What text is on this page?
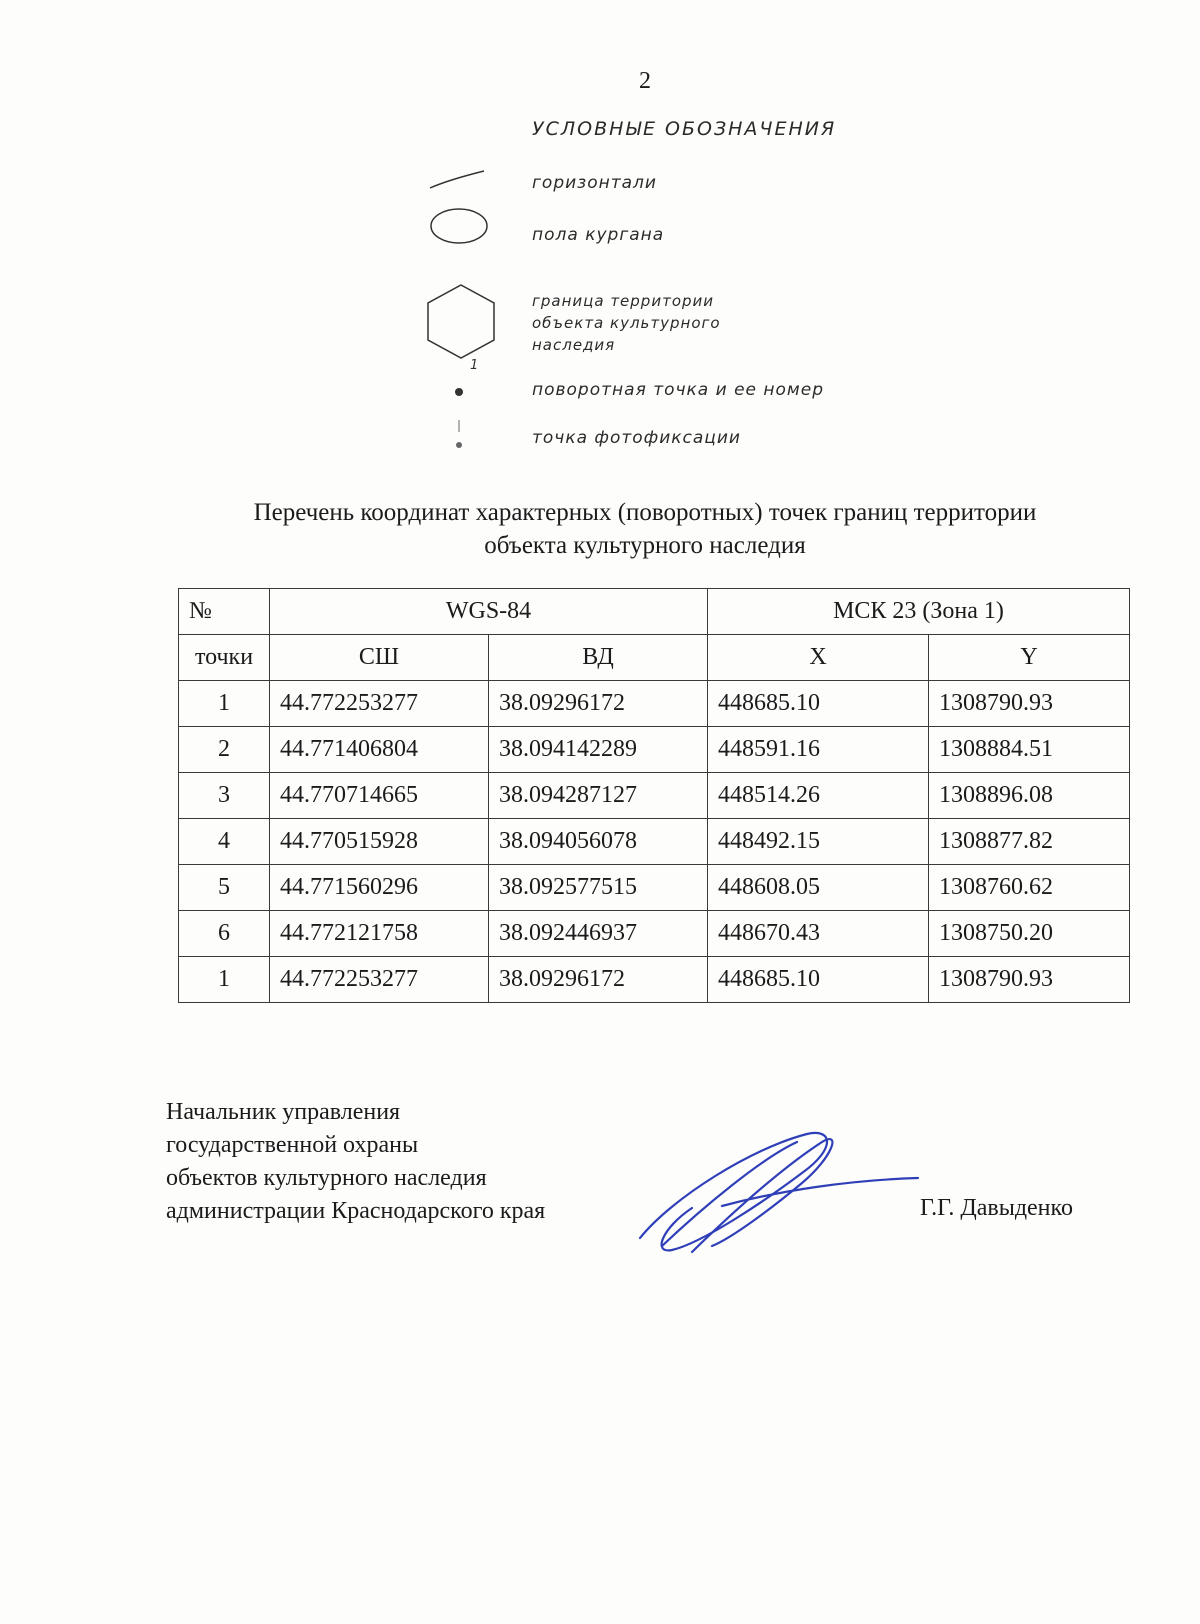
2
УСЛОВНЫЕ ОБОЗНАЧЕНИЯ
горизонтали
пола кургана
граница территории
объекта культурного
наследия
1
поворотная точка и ее номер
точка фотофиксации
Перечень координат характерных (поворотных) точек границ территории
объекта культурного наследия
№	WGS-84		МСК 23 (Зона 1)	
точки	СШ	ВД	X	Y
1	44.772253277	38.09296172	448685.10	1308790.93
2	44.771406804	38.094142289	448591.16	1308884.51
3	44.770714665	38.094287127	448514.26	1308896.08
4	44.770515928	38.094056078	448492.15	1308877.82
5	44.771560296	38.092577515	448608.05	1308760.62
6	44.772121758	38.092446937	448670.43	1308750.20
1	44.772253277	38.09296172	448685.10	1308790.93
Начальник управления
государственной охраны
объектов культурного наследия
администрации Краснодарского края	Г.Г. Давыденко
